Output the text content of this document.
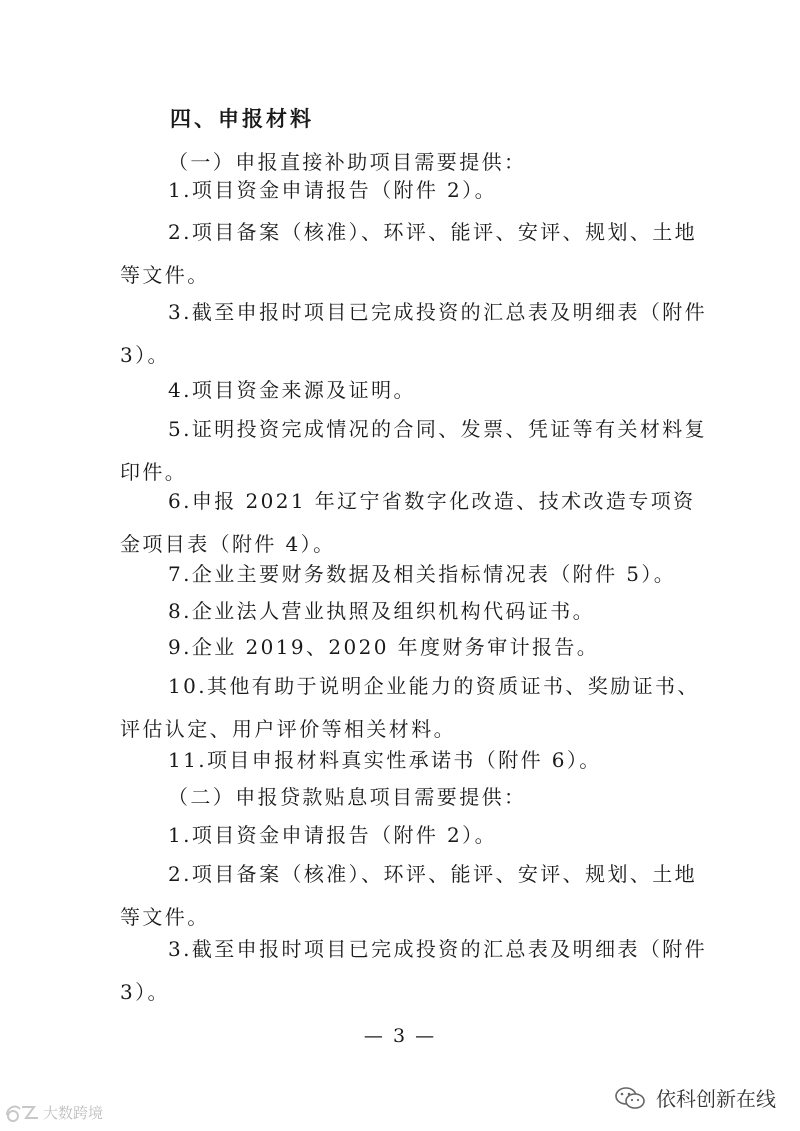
四、申报材料

（一）申报直接补助项目需要提供：

1.项目资金申请报告（附件 2）。

2.项目备案（核准）、环评、能评、安评、规划、土地等文件。

3.截至申报时项目已完成投资的汇总表及明细表（附件 3）。

4.项目资金来源及证明。

5.证明投资完成情况的合同、发票、凭证等有关材料复印件。

6.申报 2021 年辽宁省数字化改造、技术改造专项资金项目表（附件 4）。

7.企业主要财务数据及相关指标情况表（附件 5）。

8.企业法人营业执照及组织机构代码证书。

9.企业 2019、2020 年度财务审计报告。

10.其他有助于说明企业能力的资质证书、奖励证书、评估认定、用户评价等相关材料。

11.项目申报材料真实性承诺书（附件 6）。

（二）申报贷款贴息项目需要提供：

1.项目资金申请报告（附件 2）。

2.项目备案（核准）、环评、能评、安评、规划、土地等文件。

3.截至申报时项目已完成投资的汇总表及明细表（附件 3）。

— 3 —
大数跨境
依科创新在线
